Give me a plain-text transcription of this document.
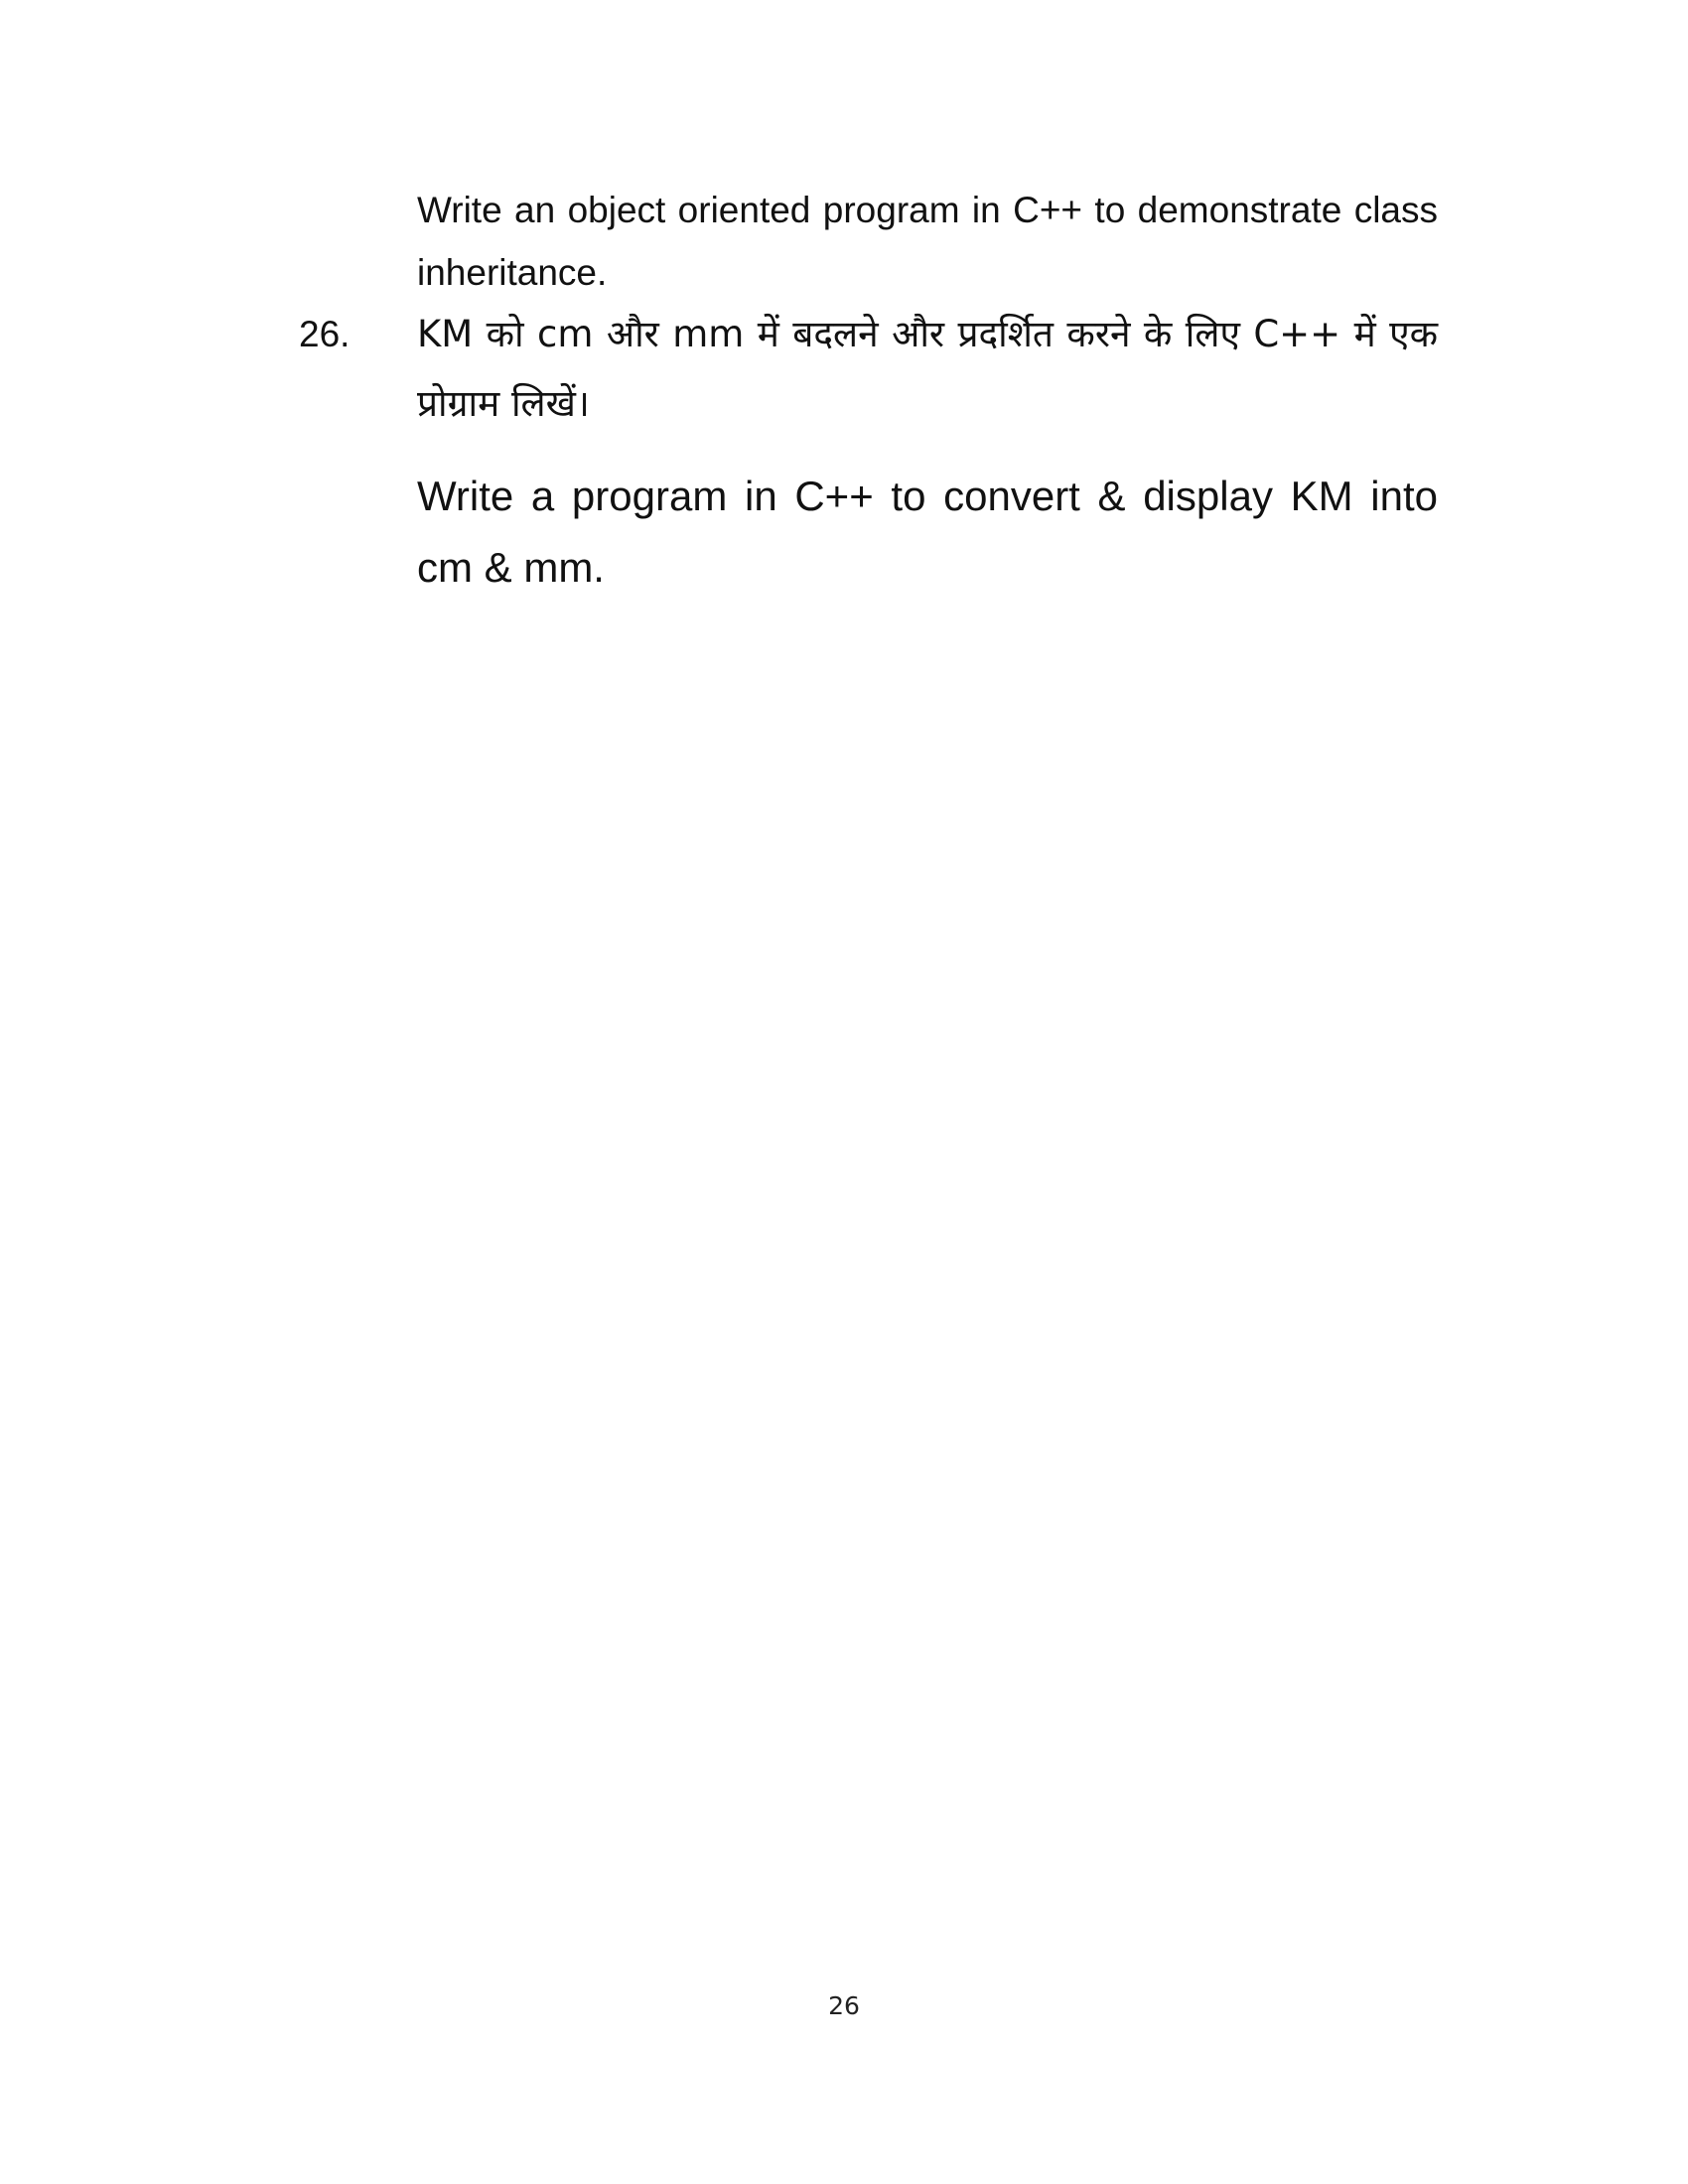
Write an object oriented program in C++ to demonstrate class inheritance.

26. KM को cm और mm में बदलने और प्रदर्शित करने के लिए C++ में एक प्रोग्राम लिखें।

Write a program in C++ to convert & display KM into cm & mm.

26
